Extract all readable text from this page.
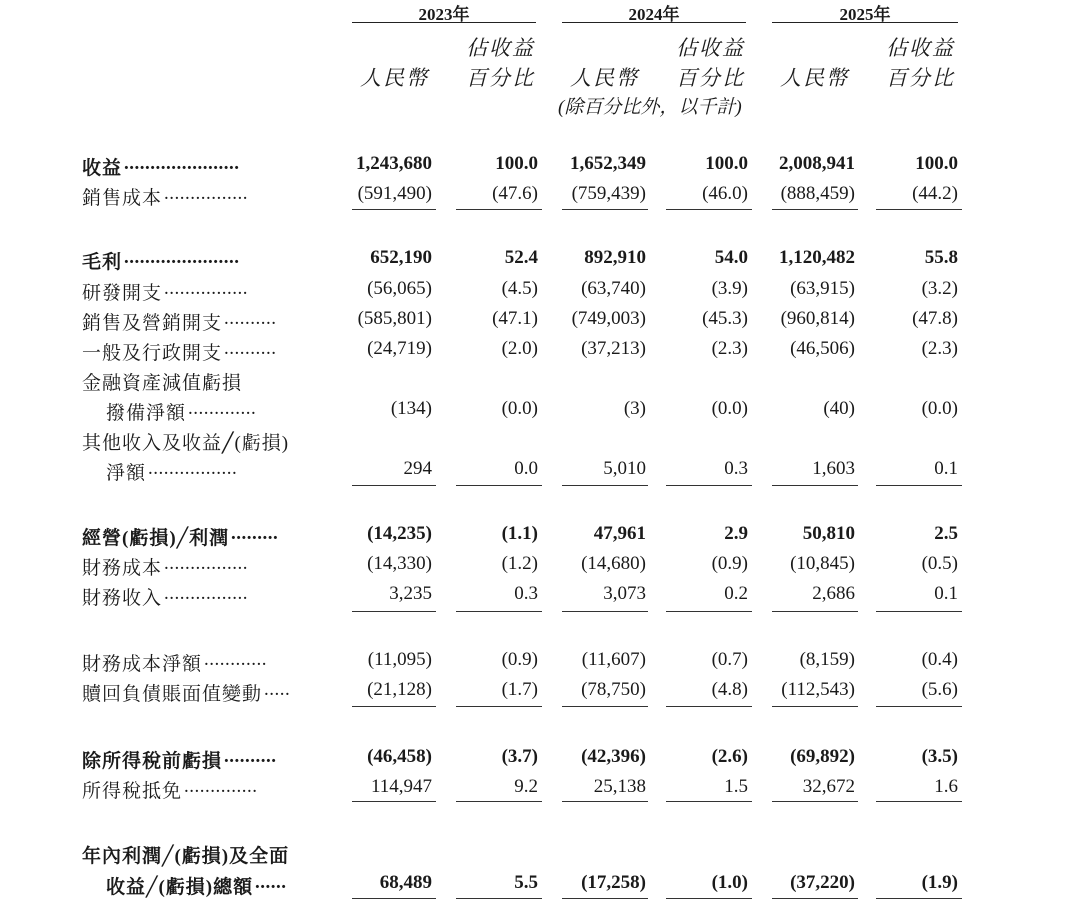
2023年	2024年	2025年
佔收益	佔收益	佔收益
人民幣 百分比 人民幣 百分比 人民幣 百分比
(除百分比外，以千計)
收益 ......................	1,243,680	100.0	1,652,349	100.0	2,008,941	100.0
銷售成本 ................	(591,490)	(47.6)	(759,439)	(46.0)	(888,459)	(44.2)
毛利 ......................	652,190	52.4	892,910	54.0	1,120,482	55.8
研發開支 ................	(56,065)	(4.5)	(63,740)	(3.9)	(63,915)	(3.2)
銷售及營銷開支 ..........	(585,801)	(47.1)	(749,003)	(45.3)	(960,814)	(47.8)
一般及行政開支 ..........	(24,719)	(2.0)	(37,213)	(2.3)	(46,506)	(2.3)
金融資產減值虧損
撥備淨額 .............	(134)	(0.0)	(3)	(0.0)	(40)	(0.0)
其他收入及收益╱(虧損)
淨額 .................	294	0.0	5,010	0.3	1,603	0.1
經營(虧損)╱利潤 .........	(14,235)	(1.1)	47,961	2.9	50,810	2.5
財務成本 ................	(14,330)	(1.2)	(14,680)	(0.9)	(10,845)	(0.5)
財務收入 ................	3,235	0.3	3,073	0.2	2,686	0.1
財務成本淨額 ............	(11,095)	(0.9)	(11,607)	(0.7)	(8,159)	(0.4)
贖回負債賬面值變動 .....	(21,128)	(1.7)	(78,750)	(4.8)	(112,543)	(5.6)
除所得稅前虧損 ..........	(46,458)	(3.7)	(42,396)	(2.6)	(69,892)	(3.5)
所得稅抵免 ..............	114,947	9.2	25,138	1.5	32,672	1.6
年內利潤╱(虧損)及全面
收益╱(虧損)總額 ......	68,489	5.5	(17,258)	(1.0)	(37,220)	(1.9)
